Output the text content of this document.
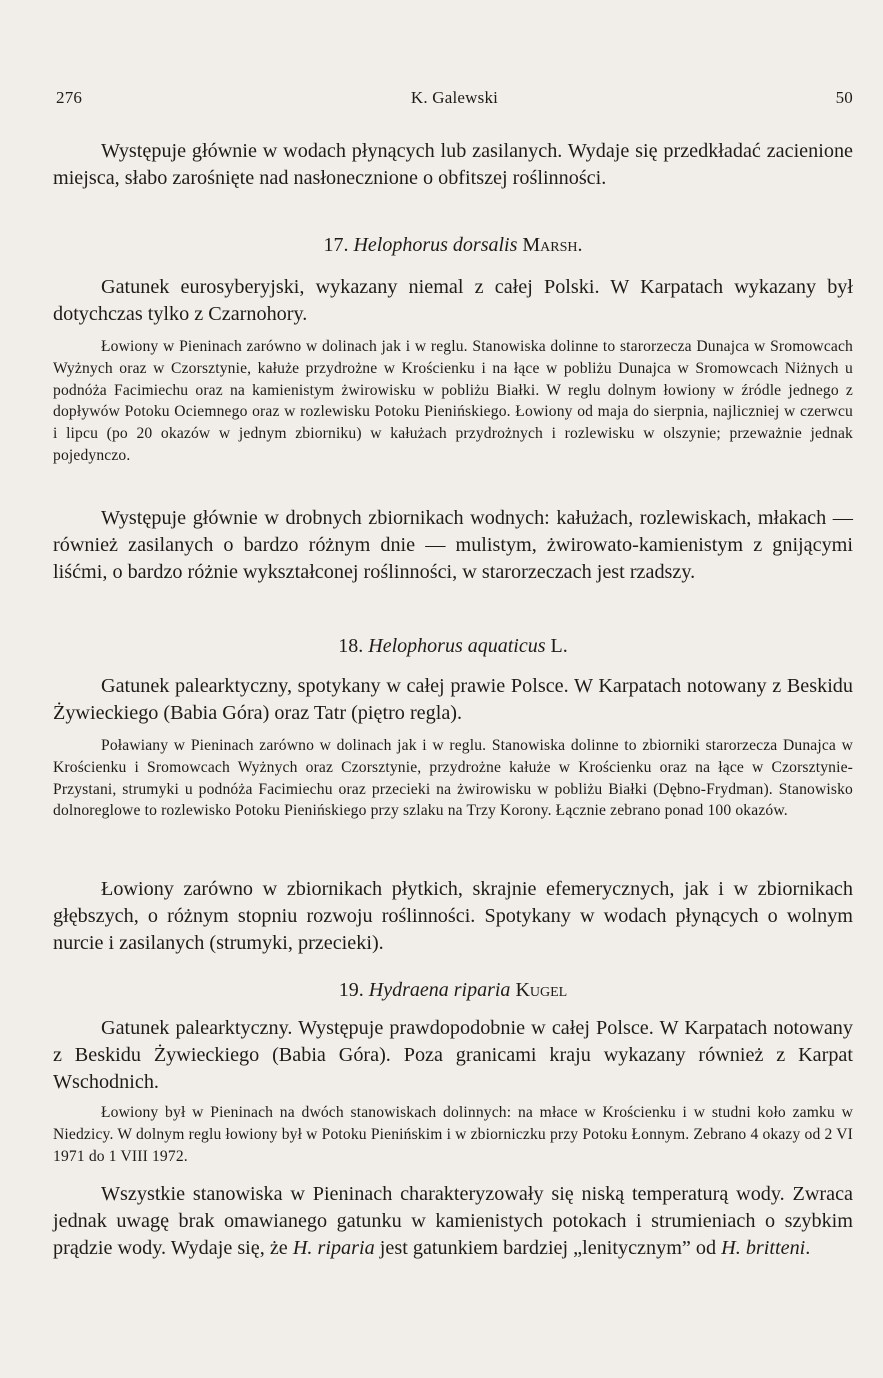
276	K. Galewski	50

Występuje głównie w wodach płynących lub zasilanych. Wydaje się przedkładać zacienione miejsca, słabo zarośnięte nad nasłonecznione o obfitszej roślinności.

17. Helophorus dorsalis Marsh.

Gatunek eurosyberyjski, wykazany niemal z całej Polski. W Karpatach wykazany był dotychczas tylko z Czarnohory.

Łowiony w Pieninach zarówno w dolinach jak i w reglu. Stanowiska dolinne to starorzecza Dunajca w Sromowcach Wyżnych oraz w Czorsztynie, kałuże przydrożne w Krościenku i na łące w pobliżu Dunajca w Sromowcach Niżnych u podnóża Facimiechu oraz na kamienistym żwirowisku w pobliżu Białki. W reglu dolnym łowiony w źródle jednego z dopływów Potoku Ociemnego oraz w rozlewisku Potoku Pienińskiego. Łowiony od maja do sierpnia, najliczniej w czerwcu i lipcu (po 20 okazów w jednym zbiorniku) w kałużach przydrożnych i rozlewisku w olszynie; przeważnie jednak pojedynczo.

Występuje głównie w drobnych zbiornikach wodnych: kałużach, rozlewiskach, młakach — również zasilanych o bardzo różnym dnie — mulistym, żwirowato-kamienistym z gnijącymi liśćmi, o bardzo różnie wykształconej roślinności, w starorzeczach jest rzadszy.

18. Helophorus aquaticus L.

Gatunek palearktyczny, spotykany w całej prawie Polsce. W Karpatach notowany z Beskidu Żywieckiego (Babia Góra) oraz Tatr (piętro regla).

Poławiany w Pieninach zarówno w dolinach jak i w reglu. Stanowiska dolinne to zbiorniki starorzecza Dunajca w Krościenku i Sromowcach Wyżnych oraz Czorsztynie, przydrożne kałuże w Krościenku oraz na łące w Czorsztynie-Przystani, strumyki u podnóża Facimiechu oraz przecieki na żwirowisku w pobliżu Białki (Dębno-Frydman). Stanowisko dolnoreglowe to rozlewisko Potoku Pienińskiego przy szlaku na Trzy Korony. Łącznie zebrano ponad 100 okazów.

Łowiony zarówno w zbiornikach płytkich, skrajnie efemerycznych, jak i w zbiornikach głębszych, o różnym stopniu rozwoju roślinności. Spotykany w wodach płynących o wolnym nurcie i zasilanych (strumyki, przecieki).

19. Hydraena riparia Kugel

Gatunek palearktyczny. Występuje prawdopodobnie w całej Polsce. W Karpatach notowany z Beskidu Żywieckiego (Babia Góra). Poza granicami kraju wykazany również z Karpat Wschodnich.

Łowiony był w Pieninach na dwóch stanowiskach dolinnych: na młace w Krościenku i w studni koło zamku w Niedzicy. W dolnym reglu łowiony był w Potoku Pienińskim i w zbiorniczku przy Potoku Łonnym. Zebrano 4 okazy od 2 VI 1971 do 1 VIII 1972.

Wszystkie stanowiska w Pieninach charakteryzowały się niską temperaturą wody. Zwraca jednak uwagę brak omawianego gatunku w kamienistych potokach i strumieniach o szybkim prądzie wody. Wydaje się, że H. riparia jest gatunkiem bardziej „lenitycznym” od H. britteni.
